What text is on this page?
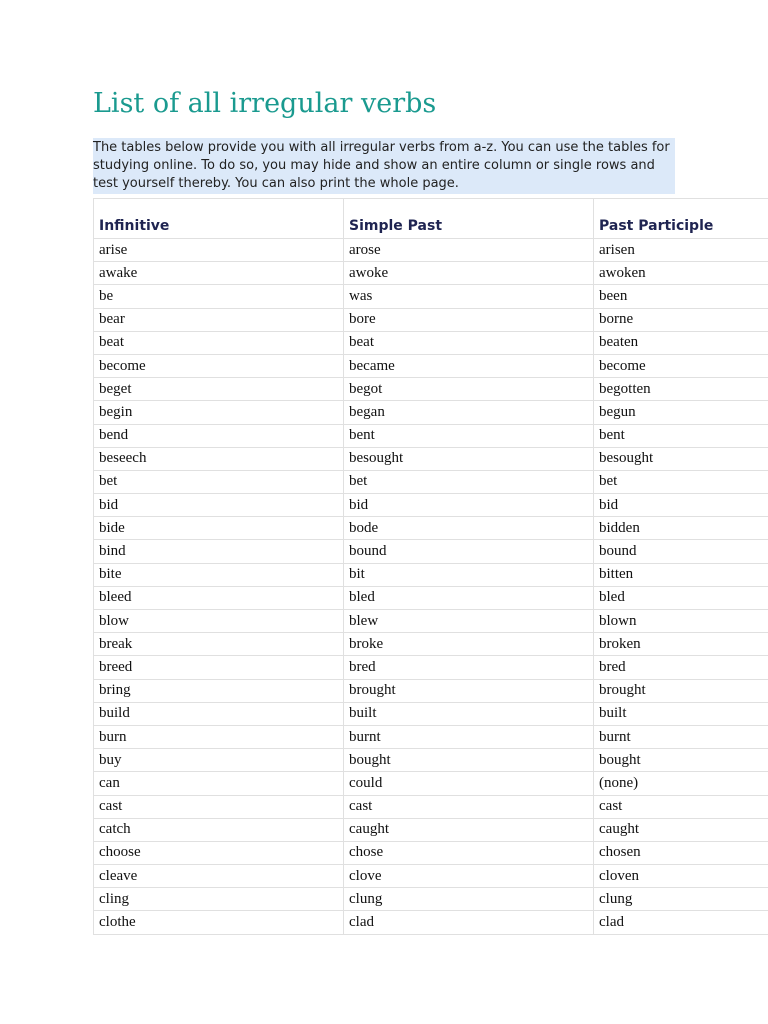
List of all irregular verbs

The tables below provide you with all irregular verbs from a-z. You can use the tables for studying online. To do so, you may hide and show an entire column or single rows and test yourself thereby. You can also print the whole page.

Infinitive	Simple Past	Past Participle
arise	arose	arisen
awake	awoke	awoken
be	was	been
bear	bore	borne
beat	beat	beaten
become	became	become
beget	begot	begotten
begin	began	begun
bend	bent	bent
beseech	besought	besought
bet	bet	bet
bid	bid	bid
bide	bode	bidden
bind	bound	bound
bite	bit	bitten
bleed	bled	bled
blow	blew	blown
break	broke	broken
breed	bred	bred
bring	brought	brought
build	built	built
burn	burnt	burnt
buy	bought	bought
can	could	(none)
cast	cast	cast
catch	caught	caught
choose	chose	chosen
cleave	clove	cloven
cling	clung	clung
clothe	clad	clad
